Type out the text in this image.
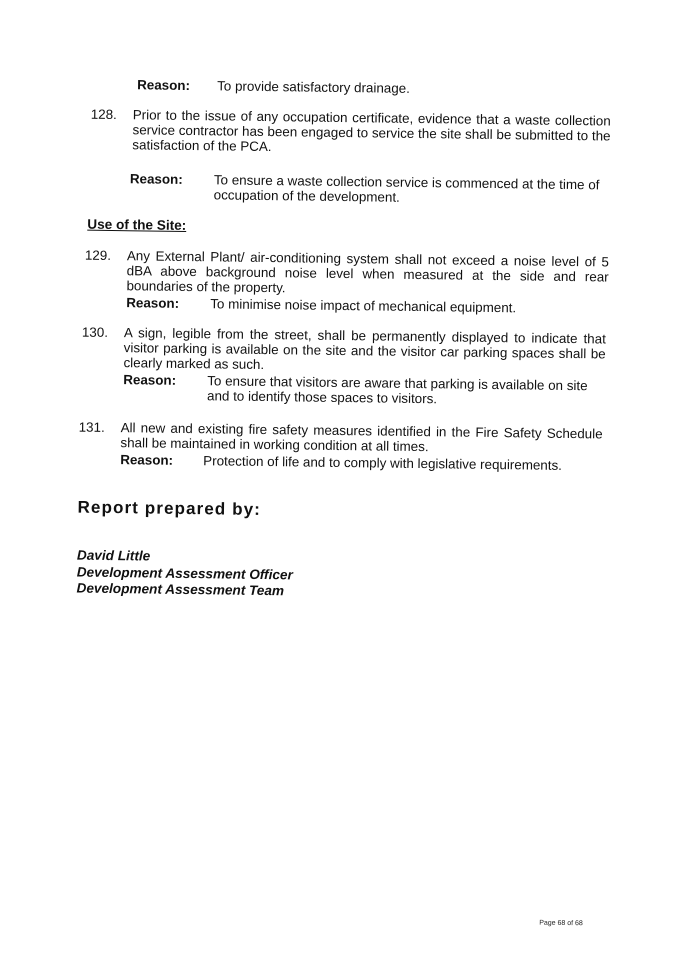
Reason:	To provide satisfactory drainage.
128. Prior to the issue of any occupation certificate, evidence that a waste collection service contractor has been engaged to service the site shall be submitted to the satisfaction of the PCA.
Reason:	To ensure a waste collection service is commenced at the time of occupation of the development.
Use of the Site:
129. Any External Plant/ air-conditioning system shall not exceed a noise level of 5 dBA above background noise level when measured at the side and rear boundaries of the property.
Reason:	To minimise noise impact of mechanical equipment.
130. A sign, legible from the street, shall be permanently displayed to indicate that visitor parking is available on the site and the visitor car parking spaces shall be clearly marked as such.
Reason:	To ensure that visitors are aware that parking is available on site and to identify those spaces to visitors.
131. All new and existing fire safety measures identified in the Fire Safety Schedule shall be maintained in working condition at all times.
Reason:	Protection of life and to comply with legislative requirements.
Report prepared by:
David Little
Development Assessment Officer
Development Assessment Team
Page 68 of 68
